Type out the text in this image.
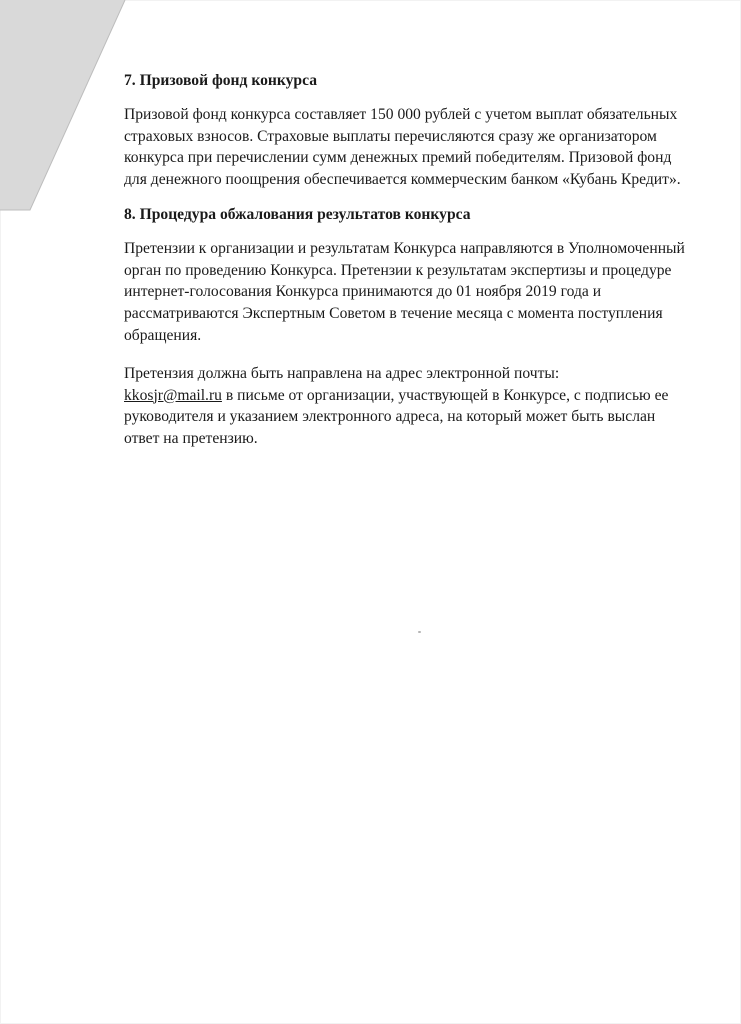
7. Призовой фонд конкурса

Призовой фонд конкурса составляет 150 000 рублей с учетом выплат обязательных страховых взносов. Страховые выплаты перечисляются сразу же организатором конкурса при перечислении сумм денежных премий победителям. Призовой фонд для денежного поощрения обеспечивается коммерческим банком «Кубань Кредит».

8. Процедура обжалования результатов конкурса

Претензии к организации и результатам Конкурса направляются в Уполномоченный орган по проведению Конкурса. Претензии к результатам экспертизы и процедуре интернет-голосования Конкурса принимаются до 01 ноября 2019 года и рассматриваются Экспертным Советом в течение месяца с момента поступления обращения.

Претензия должна быть направлена на адрес электронной почты:
kkosjr@mail.ru в письме от организации, участвующей в Конкурсе, с подписью ее руководителя и указанием электронного адреса, на который может быть выслан ответ на претензию.
